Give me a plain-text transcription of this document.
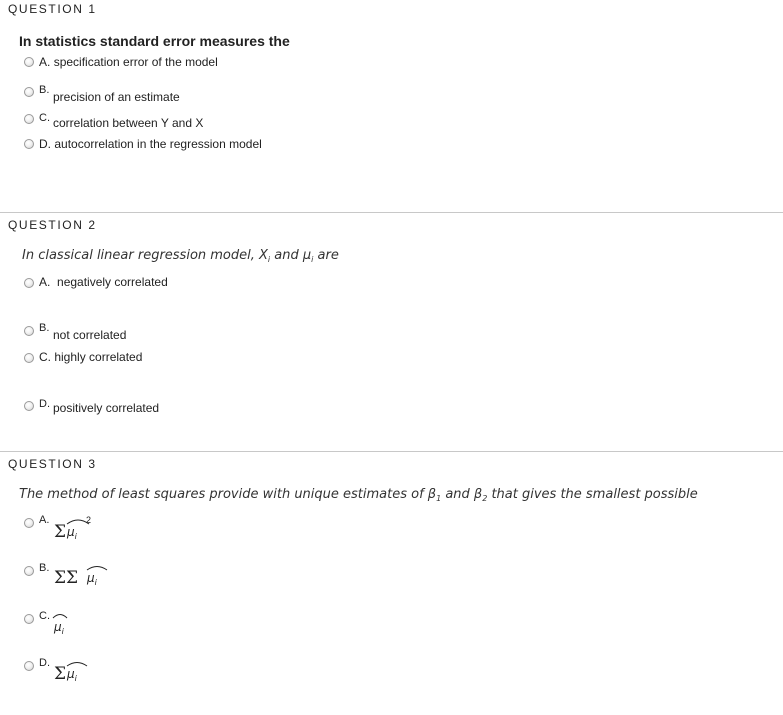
QUESTION 1
In statistics standard error measures the
A. specification error of the model
B. precision of an estimate
C. correlation between Y and X
D. autocorrelation in the regression model
QUESTION 2
In classical linear regression model, $X_i$ and $\mu_i$ are
A. negatively correlated
B. not correlated
C. highly correlated
D. positively correlated
QUESTION 3
The method of least squares provide with unique estimates of $\beta_1$ and $\beta_2$ that gives the smallest possible
A.
Σ $\mu_i$
2
B. ΣΣ $\mu_i$
C.
$\mu_i$
D.
Σ $\mu_i$
